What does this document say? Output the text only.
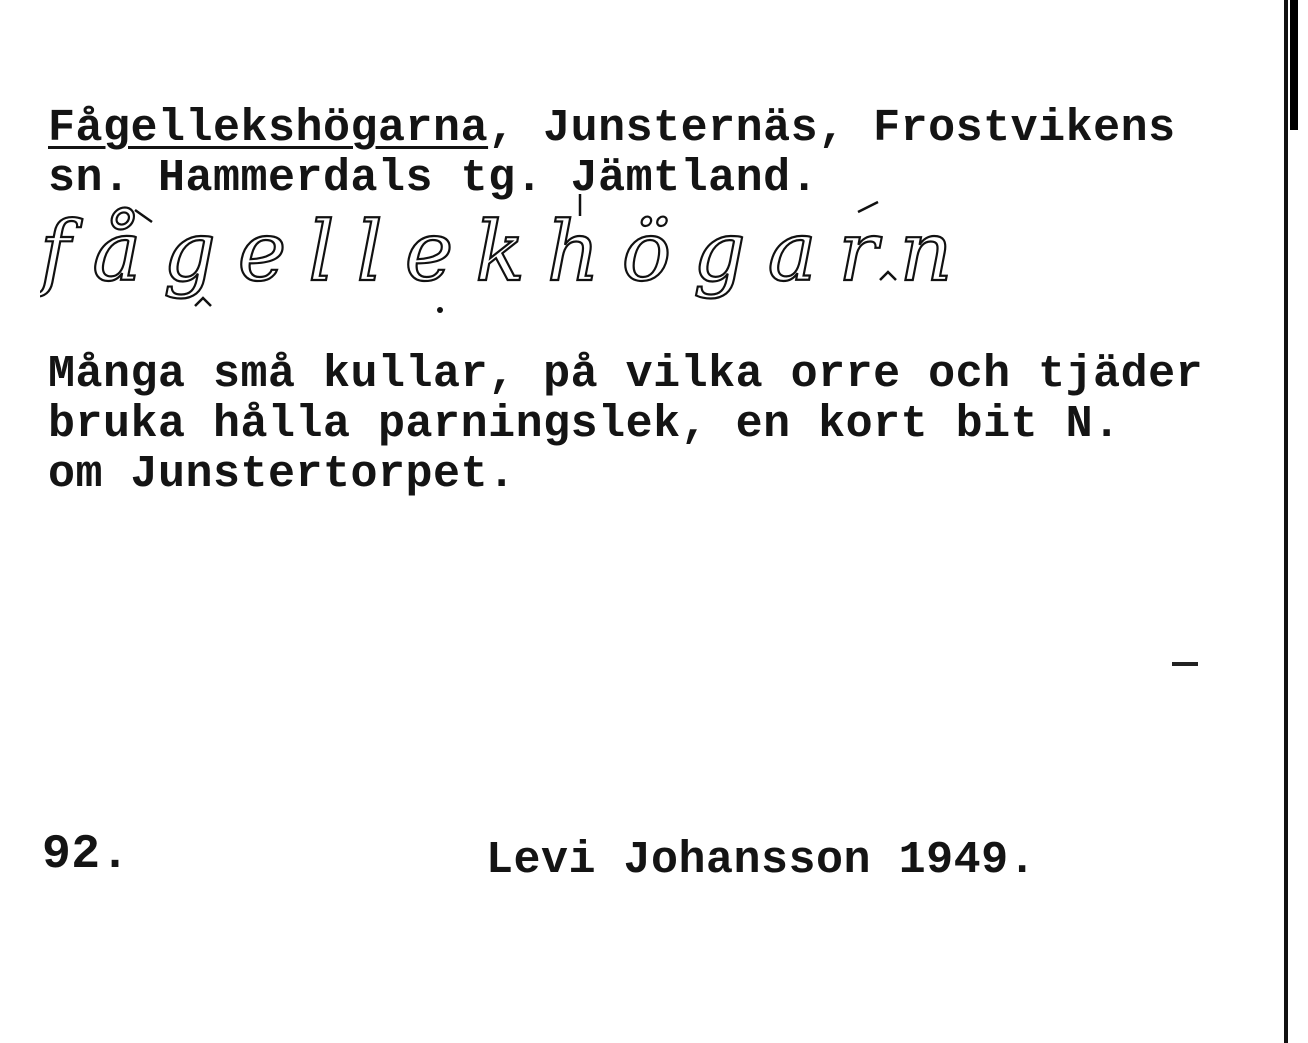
Fågellekshögarna, Junsternäs, Frostvikens
sn. Hammerdals tg. Jämtland.
fågellekhögarn
Många små kullar, på vilka orre och tjäder
bruka hålla parningslek, en kort bit N.
om Junstertorpet.
92.	Levi Johansson 1949.
